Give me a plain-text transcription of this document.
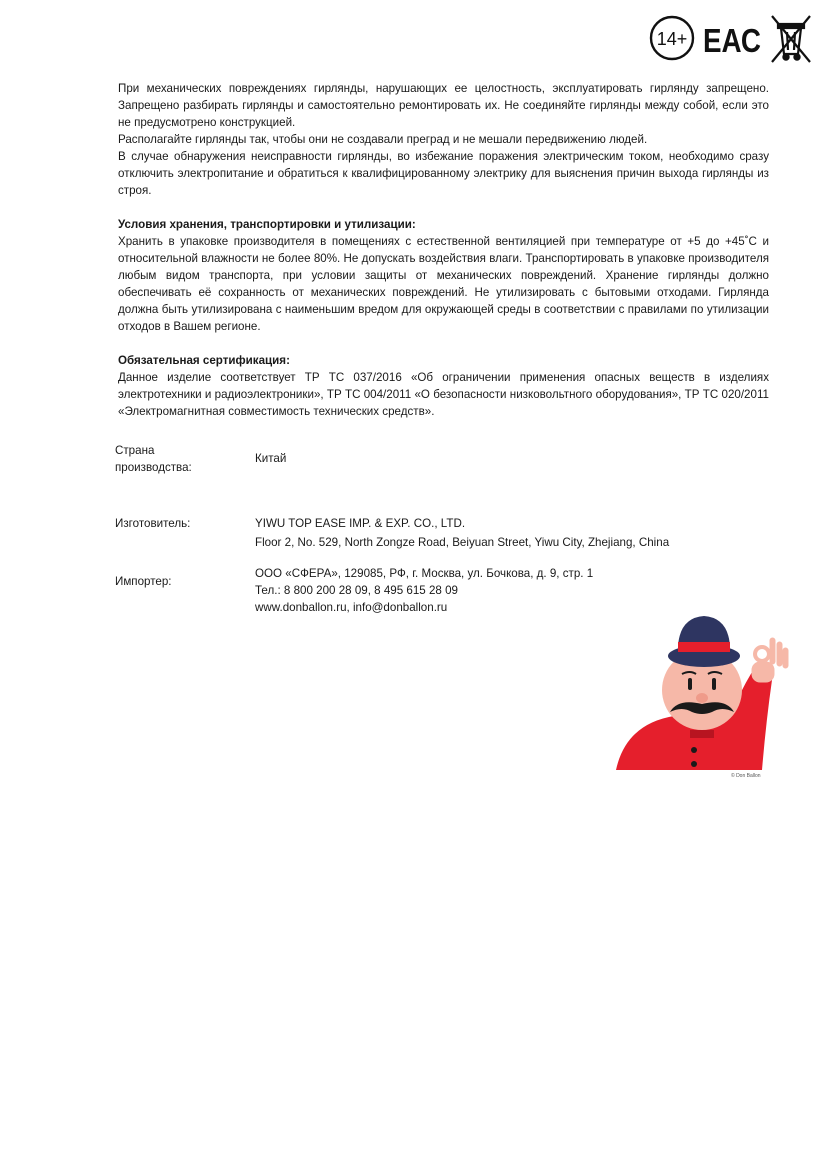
14+ ЕАС

При механических повреждениях гирлянды, нарушающих ее целостность, эксплуатировать гирлянду запрещено. Запрещено разбирать гирлянды и самостоятельно ремонтировать их. Не соединяйте гирлянды между собой, если это не предусмотрено конструкцией.

Располагайте гирлянды так, чтобы они не создавали преград и не мешали передвижению людей.

В случае обнаружения неисправности гирлянды, во избежание поражения электрическим током, необходимо сразу отключить электропитание и обратиться к квалифицированному электрику для выяснения причин выхода гирлянды из строя.

Условия хранения, транспортировки и утилизации:

Хранить в упаковке производителя в помещениях с естественной вентиляцией при температуре от +5 до +45˚C и относительной влажности не более 80%. Не допускать воздействия влаги. Транспортировать в упаковке производителя любым видом транспорта, при условии защиты от механических повреждений. Хранение гирлянды должно обеспечивать её сохранность от механических повреждений. Не утилизировать с бытовыми отходами. Гирлянда должна быть утилизирована с наименьшим вредом для окружающей среды в соответствии с правилами по утилизации отходов в Вашем регионе.

Обязательная сертификация:

Данное изделие соответствует ТР ТС 037/2016 «Об ограничении применения опасных веществ в изделиях электротехники и радиоэлектроники», ТР ТС 004/2011 «О безопасности низковольтного оборудования», ТР ТС 020/2011 «Электромагнитная совместимость технических средств».

Страна
производства:
Китай
Изготовитель:	YIWU TOP EASE IMP. & EXP. CO., LTD.
Floor 2, No. 529, North Zongze Road, Beiyuan Street, Yiwu City, Zhejiang, China
Импортер:
ООО «СФЕРА», 129085, РФ, г. Москва, ул. Бочкова, д. 9, стр. 1
Тел.: 8 800 200 28 09, 8 495 615 28 09
www.donballon.ru, info@donballon.ru
© Don Ballon
